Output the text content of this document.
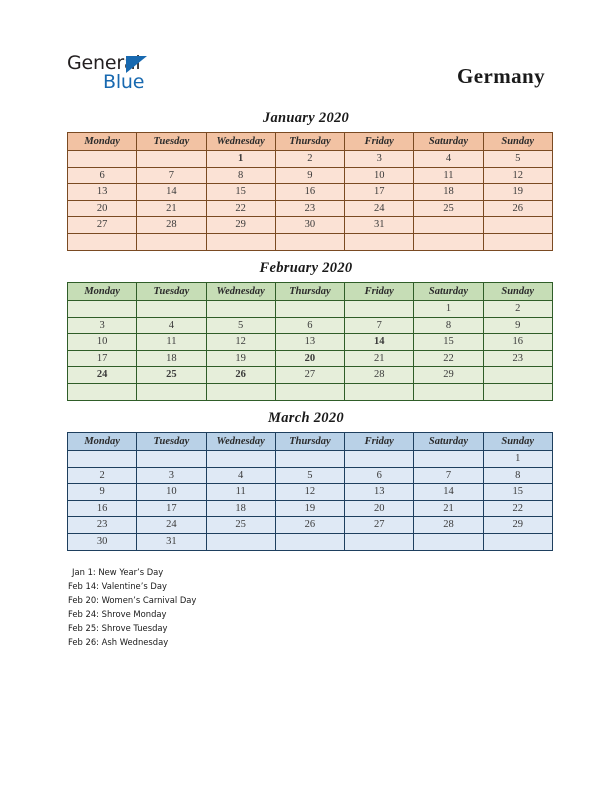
General
Blue	Germany
January 2020
Monday	Tuesday	Wednesday	Thursday	Friday	Saturday	Sunday
		1	2	3	4	5
6	7	8	9	10	11	12
13	14	15	16	17	18	19
20	21	22	23	24	25	26
27	28	29	30	31		

February 2020
Monday	Tuesday	Wednesday	Thursday	Friday	Saturday	Sunday
					1	2
3	4	5	6	7	8	9
10	11	12	13	14	15	16
17	18	19	20	21	22	23
24	25	26	27	28	29	

March 2020
Monday	Tuesday	Wednesday	Thursday	Friday	Saturday	Sunday
						1
2	3	4	5	6	7	8
9	10	11	12	13	14	15
16	17	18	19	20	21	22
23	24	25	26	27	28	29
30	31					
Jan 1: New Year’s Day
Feb 14: Valentine’s Day
Feb 20: Women’s Carnival Day
Feb 24: Shrove Monday
Feb 25: Shrove Tuesday
Feb 26: Ash Wednesday
